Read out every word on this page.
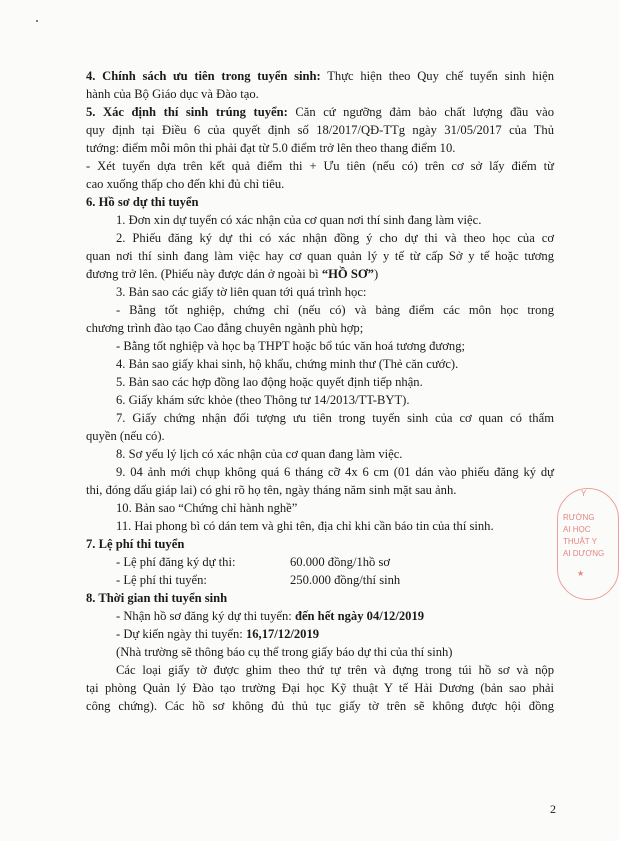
4. Chính sách ưu tiên trong tuyển sinh: Thực hiện theo Quy chế tuyển sinh hiện
hành của Bộ Giáo dục và Đào tạo.
5. Xác định thí sinh trúng tuyển: Căn cứ ngưỡng đảm bảo chất lượng đầu vào
quy định tại Điều 6 của quyết định số 18/2017/QĐ-TTg ngày 31/05/2017 của Thủ
tướng: điểm mỗi môn thi phải đạt từ 5.0 điểm trở lên theo thang điểm 10.
- Xét tuyển dựa trên kết quả điểm thi + Ưu tiên (nếu có) trên cơ sở lấy điểm từ
cao xuống thấp cho đến khi đủ chỉ tiêu.
6. Hồ sơ dự thi tuyển
1. Đơn xin dự tuyển có xác nhận của cơ quan nơi thí sinh đang làm việc.
2. Phiếu đăng ký dự thi có xác nhận đồng ý cho dự thi và theo học của cơ
quan nơi thí sinh đang làm việc hay cơ quan quản lý y tế từ cấp Sở y tế hoặc tương
đương trở lên. (Phiếu này được dán ở ngoài bì “HỒ SƠ”)
3. Bản sao các giấy tờ liên quan tới quá trình học:
- Bằng tốt nghiệp, chứng chỉ (nếu có) và bảng điểm các môn học trong
chương trình đào tạo Cao đẳng chuyên ngành phù hợp;
- Bằng tốt nghiệp và học bạ THPT hoặc bổ túc văn hoá tương đương;
4. Bản sao giấy khai sinh, hộ khẩu, chứng minh thư (Thẻ căn cước).
5. Bản sao các hợp đồng lao động hoặc quyết định tiếp nhận.
6. Giấy khám sức khỏe (theo Thông tư 14/2013/TT-BYT).
7. Giấy chứng nhận đối tượng ưu tiên trong tuyển sinh của cơ quan có thẩm
quyền (nếu có).
8. Sơ yếu lý lịch có xác nhận của cơ quan đang làm việc.
9. 04 ảnh mới chụp không quá 6 tháng cỡ 4x 6 cm (01 dán vào phiếu đăng ký dự
thi, đóng dấu giáp lai) có ghi rõ họ tên, ngày tháng năm sinh mặt sau ảnh.
10. Bản sao “Chứng chỉ hành nghề”
11. Hai phong bì có dán tem và ghi tên, địa chỉ khi cần báo tin của thí sinh.
7. Lệ phí thi tuyển
- Lệ phí đăng ký dự thi:	60.000 đồng/1hồ sơ
- Lệ phí thi tuyển:	250.000 đồng/thí sinh
8. Thời gian thi tuyển sinh
- Nhận hồ sơ đăng ký dự thi tuyển: đến hết ngày 04/12/2019
- Dự kiến ngày thi tuyển: 16,17/12/2019
(Nhà trường sẽ thông báo cụ thể trong giấy báo dự thi của thí sinh)
Các loại giấy tờ được ghim theo thứ tự trên và đựng trong túi hồ sơ và nộp
tại phòng Quản lý Đào tạo trường Đại học Kỹ thuật Y tế Hải Dương (bản sao phải
công chứng). Các hồ sơ không đủ thủ tục giấy tờ trên sẽ không được hội đồng
Y
RƯỜNG
AI HỌC
THUẬT Y
AI DƯƠNG
★
2
